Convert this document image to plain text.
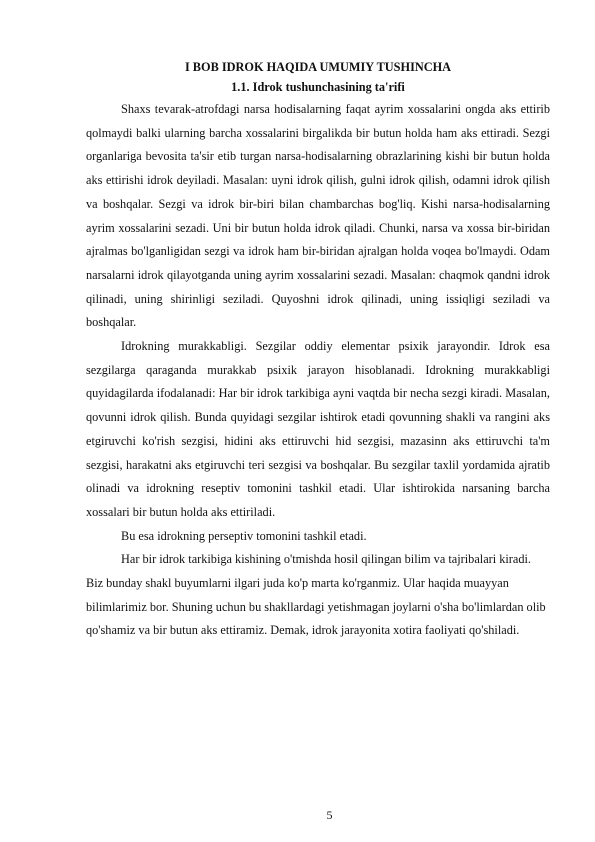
I BOB IDROK HAQIDA UMUMIY TUSHINCHA

1.1. Idrok tushunchasining ta'rifi

Shaxs tevarak-atrofdagi narsa hodisalarning faqat ayrim xossalarini ongda aks ettirib qolmaydi balki ularning barcha xossalarini birgalikda bir butun holda ham aks ettiradi. Sezgi organlariga bevosita ta'sir etib turgan narsa-hodisalarning obrazlarining kishi bir butun holda aks ettirishi idrok deyiladi. Masalan: uyni idrok qilish, gulni idrok qilish, odamni idrok qilish va boshqalar. Sezgi va idrok bir-biri bilan chambarchas bog'liq. Kishi narsa-hodisalarning ayrim xossalarini sezadi. Uni bir butun holda idrok qiladi. Chunki, narsa va xossa bir-biridan ajralmas bo'lganligidan sezgi va idrok ham bir-biridan ajralgan holda voqea bo'lmaydi. Odam narsalarni idrok qilayotganda uning ayrim xossalarini sezadi. Masalan: chaqmok qandni idrok qilinadi, uning shirinligi seziladi. Quyoshni idrok qilinadi, uning issiqligi seziladi va boshqalar.

Idrokning murakkabligi. Sezgilar oddiy elementar psixik jarayondir. Idrok esa sezgilarga qaraganda murakkab psixik jarayon hisoblanadi. Idrokning murakkabligi quyidagilarda ifodalanadi: Har bir idrok tarkibiga ayni vaqtda bir necha sezgi kiradi. Masalan, qovunni idrok qilish. Bunda quyidagi sezgilar ishtirok etadi qovunning shakli va rangini aks etgiruvchi ko'rish sezgisi, hidini aks ettiruvchi hid sezgisi, mazasinn aks ettiruvchi ta'm sezgisi, harakatni aks etgiruvchi teri sezgisi va boshqalar. Bu sezgilar taxlil yordamida ajratib olinadi va idrokning reseptiv tomonini tashkil etadi. Ular ishtirokida narsaning barcha xossalari bir butun holda aks ettiriladi.

Bu esa idrokning perseptiv tomonini tashkil etadi.

Har bir idrok tarkibiga kishining o'tmishda hosil qilingan bilim va tajribalari kiradi. Biz bunday shakl buyumlarni ilgari juda ko'p marta ko'rganmiz. Ular haqida muayyan bilimlarimiz bor. Shuning uchun bu shakllardagi yetishmagan joylarni o'sha bo'limlardan olib qo'shamiz va bir butun aks ettiramiz. Demak, idrok jarayonita xotira faoliyati qo'shiladi.

5
